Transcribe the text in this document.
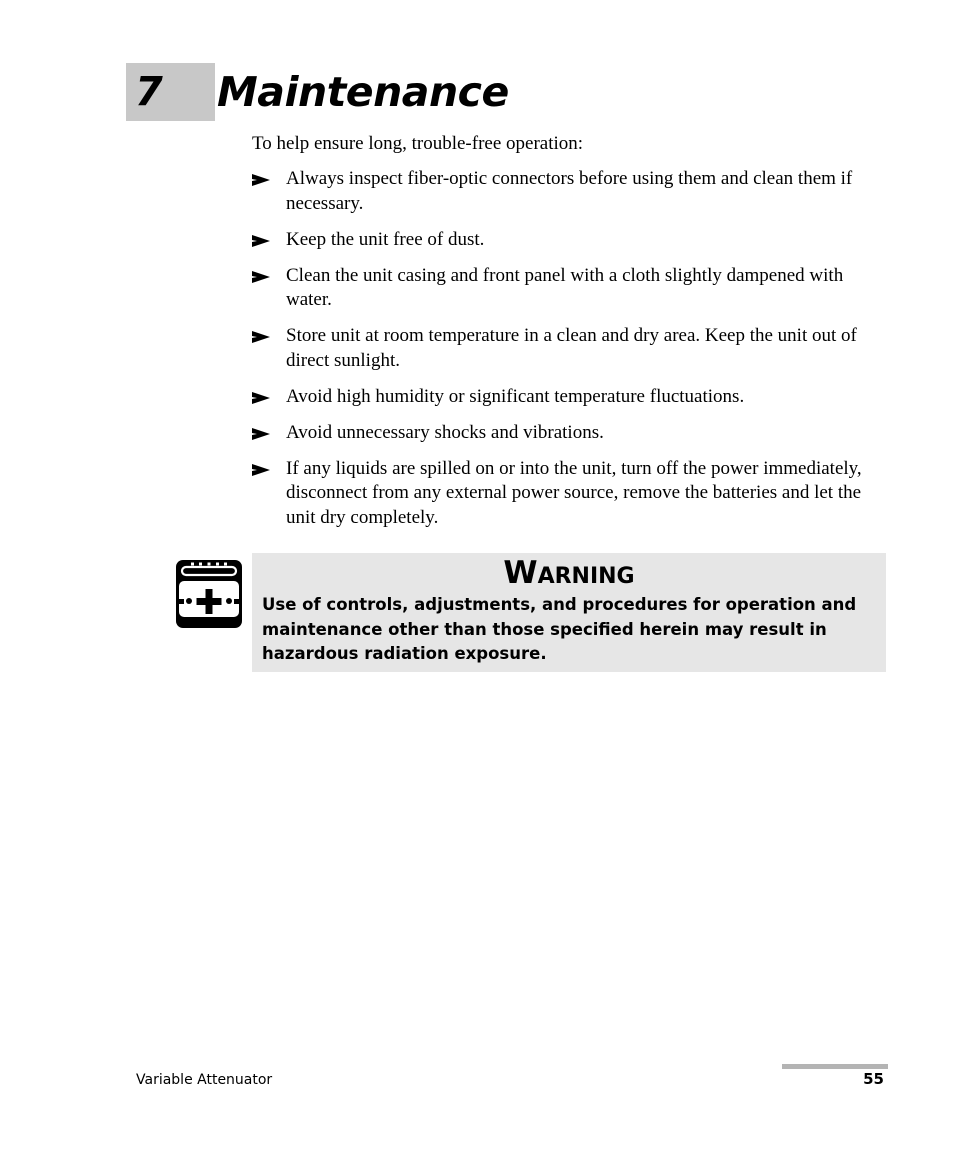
7 Maintenance

To help ensure long, trouble-free operation:

Always inspect fiber-optic connectors before using them and clean them if necessary.
Keep the unit free of dust.
Clean the unit casing and front panel with a cloth slightly dampened with water.
Store unit at room temperature in a clean and dry area. Keep the unit out of direct sunlight.
Avoid high humidity or significant temperature fluctuations.
Avoid unnecessary shocks and vibrations.
If any liquids are spilled on or into the unit, turn off the power immediately, disconnect from any external power source, remove the batteries and let the unit dry completely.
Warning
Use of controls, adjustments, and procedures for operation and maintenance other than those specified herein may result in hazardous radiation exposure.
Variable Attenuator	55
